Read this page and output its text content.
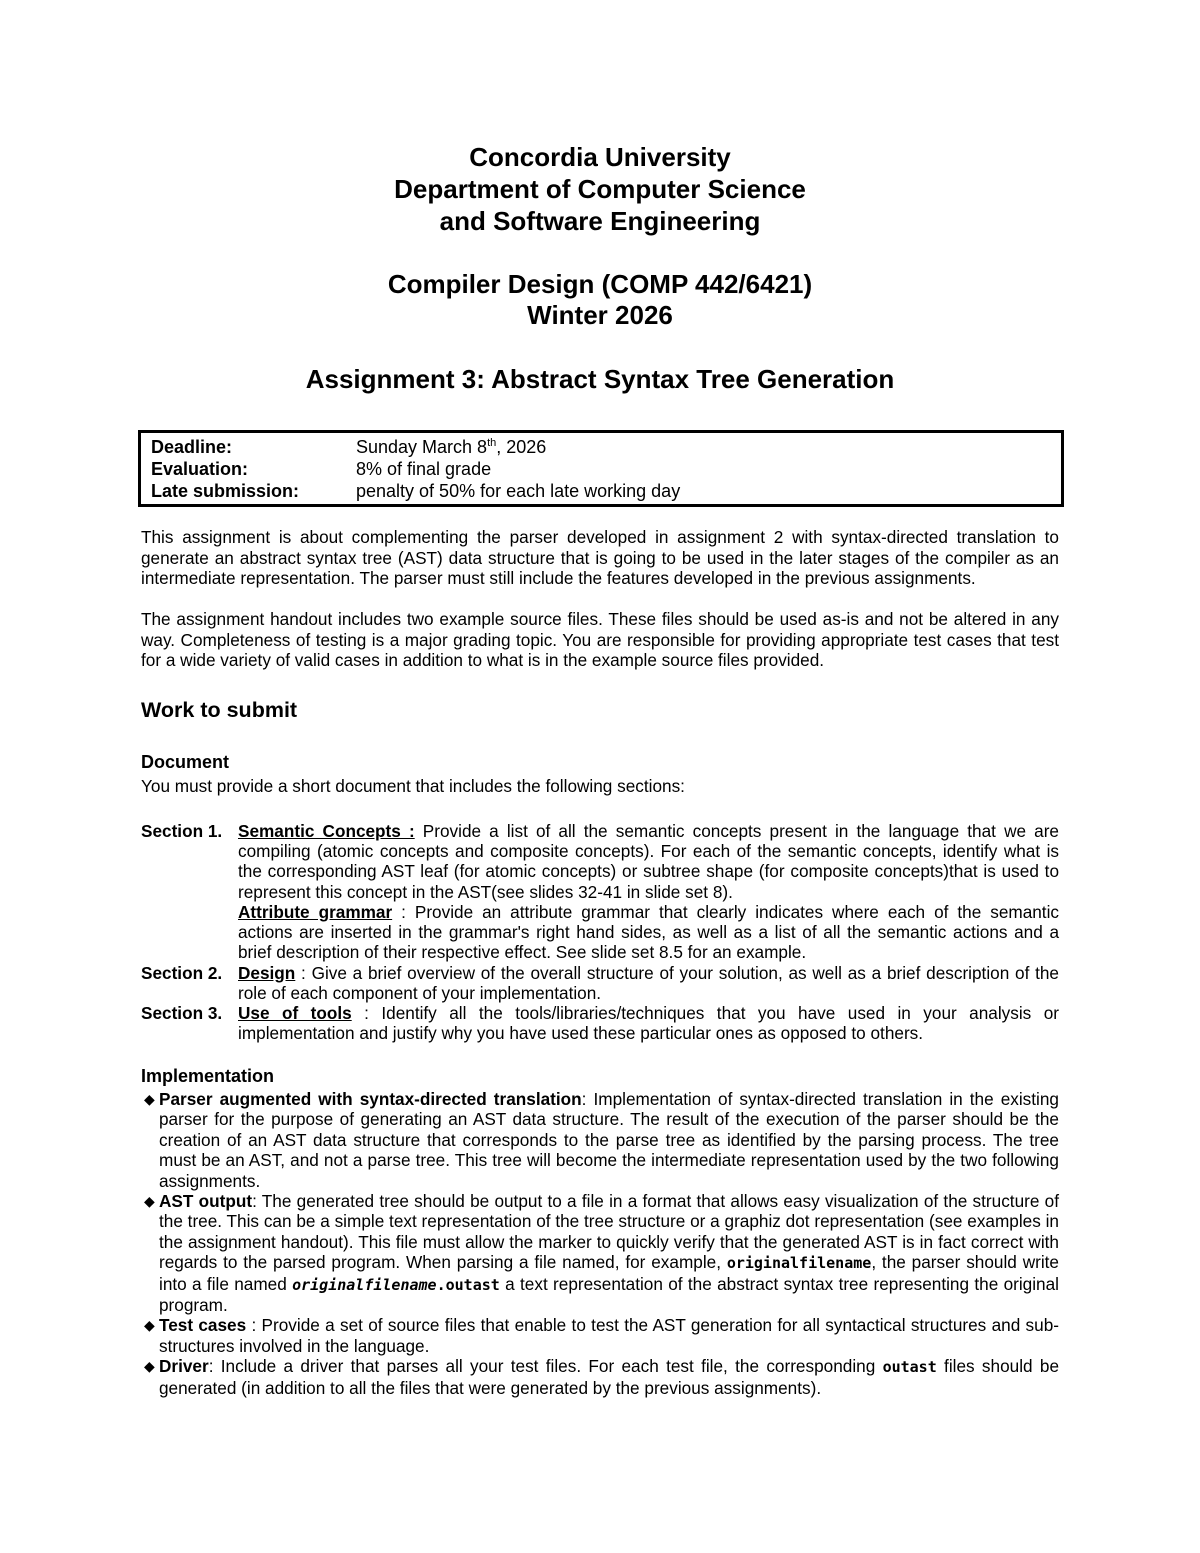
Concordia University
Department of Computer Science
and Software Engineering
Compiler Design (COMP 442/6421)
Winter 2026
Assignment 3: Abstract Syntax Tree Generation
Deadline:	Sunday March 8th, 2026
Evaluation:	8% of final grade
Late submission:	penalty of 50% for each late working day
This assignment is about complementing the parser developed in assignment 2 with syntax-directed translation to generate an abstract syntax tree (AST) data structure that is going to be used in the later stages of the compiler as an intermediate representation. The parser must still include the features developed in the previous assignments.
The assignment handout includes two example source files. These files should be used as-is and not be altered in any way. Completeness of testing is a major grading topic. You are responsible for providing appropriate test cases that test for a wide variety of valid cases in addition to what is in the example source files provided.
Work to submit
Document
You must provide a short document that includes the following sections:
Section 1. Semantic Concepts : Provide a list of all the semantic concepts present in the language that we are compiling (atomic concepts and composite concepts). For each of the semantic concepts, identify what is the corresponding AST leaf (for atomic concepts) or subtree shape (for composite concepts)that is used to represent this concept in the AST(see slides 32-41 in slide set 8).
Attribute grammar : Provide an attribute grammar that clearly indicates where each of the semantic actions are inserted in the grammar's right hand sides, as well as a list of all the semantic actions and a brief description of their respective effect. See slide set 8.5 for an example.
Section 2. Design : Give a brief overview of the overall structure of your solution, as well as a brief description of the role of each component of your implementation.
Section 3. Use of tools : Identify all the tools/libraries/techniques that you have used in your analysis or implementation and justify why you have used these particular ones as opposed to others.
Implementation
◆ Parser augmented with syntax-directed translation: Implementation of syntax-directed translation in the existing parser for the purpose of generating an AST data structure. The result of the execution of the parser should be the creation of an AST data structure that corresponds to the parse tree as identified by the parsing process. The tree must be an AST, and not a parse tree. This tree will become the intermediate representation used by the two following assignments.
◆ AST output: The generated tree should be output to a file in a format that allows easy visualization of the structure of the tree. This can be a simple text representation of the tree structure or a graphiz dot representation (see examples in the assignment handout). This file must allow the marker to quickly verify that the generated AST is in fact correct with regards to the parsed program. When parsing a file named, for example, originalfilename, the parser should write into a file named originalfilename.outast a text representation of the abstract syntax tree representing the original program.
◆ Test cases : Provide a set of source files that enable to test the AST generation for all syntactical structures and sub-structures involved in the language.
◆ Driver: Include a driver that parses all your test files. For each test file, the corresponding outast files should be generated (in addition to all the files that were generated by the previous assignments).
